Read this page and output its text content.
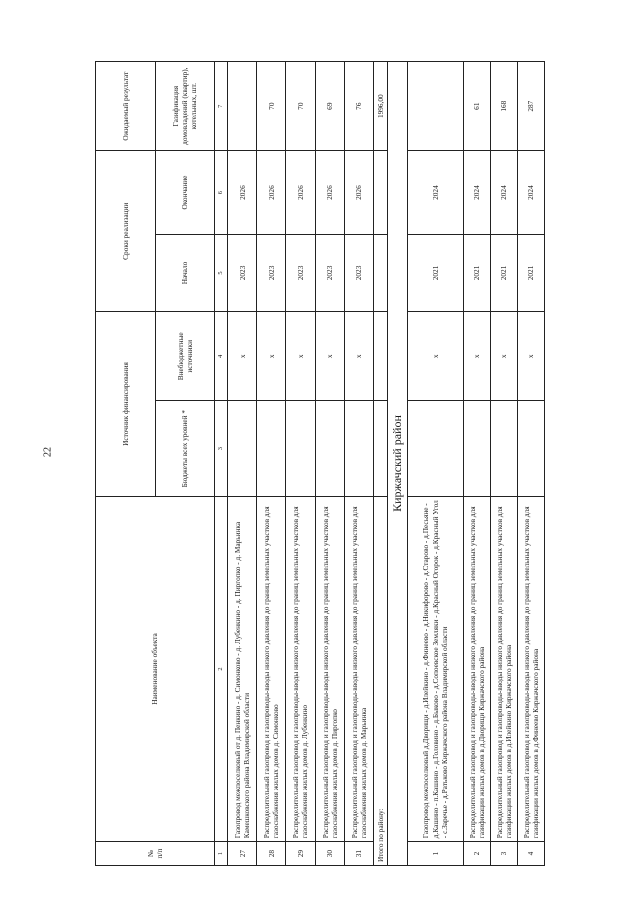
22
№
п/п	Наименование объекта	Источник финансирования		Сроки реализации		Ожидаемый результат
		Бюджеты всех уровней *	Внебюджетные источники	Начало	Окончание	Газификация домовладений (квартир), котельных, шт.
1	2	3	4	5	6	7
27	Газопровод межпоселковый от д. Пенкино - д. Симонково - д. Лубенкино - д. Пиргопко - д. Марьинка Камешковского района Владимирской области		х	2023	2026	
28	Распределительный газопровод и газопроводы-вводы низкого давления до границ земельных участков для газоснабжения жилых домов д. Симонково		х	2023	2026	70
29	Распределительный газопровод и газопроводы-вводы низкого давления до границ земельных участков для газоснабжения жилых домов д. Лубенкино		х	2023	2026	70
30	Распределительный газопровод и газопроводы-вводы низкого давления до границ земельных участков для газоснабжения жилых домов д. Пиргопко		х	2023	2026	69
31	Распределительный газопровод и газопроводы-вводы низкого давления до границ земельных участков для газоснабжения жилых домов д. Марьинка		х	2023	2026	76
Итого по району:						1996,00
Киржачский район						
1	Газопровод межпоселковый д.Дворищи - д.Илейкино - д.Финеево - д.Никифорово - д.Старово - д.Песьяне - д.Кашино - п.Кашино - д.Головино - д.Быково - д.Сопоевское Земляки - д.Красный Огорок - д.Красный Угол - с.Заречье - д.Ратьково Киржачского района Владимирской области		х	2021	2024	
2	Распределительный газопровод и газопроводы-вводы низкого давления до границ земельных участков для газификации жилых домов в д.Дворищи Киржачского района		х	2021	2024	61
3	Распределительный газопровод и газопроводы-вводы низкого давления до границ земельных участков для газификации жилых домов в д.Илейкино Киржачского района		х	2021	2024	168
4	Распределительный газопровод и газопроводы-вводы низкого давления до границ земельных участков для газификации жилых домов в д.Финеево Киржачского района		х	2021	2024	287
